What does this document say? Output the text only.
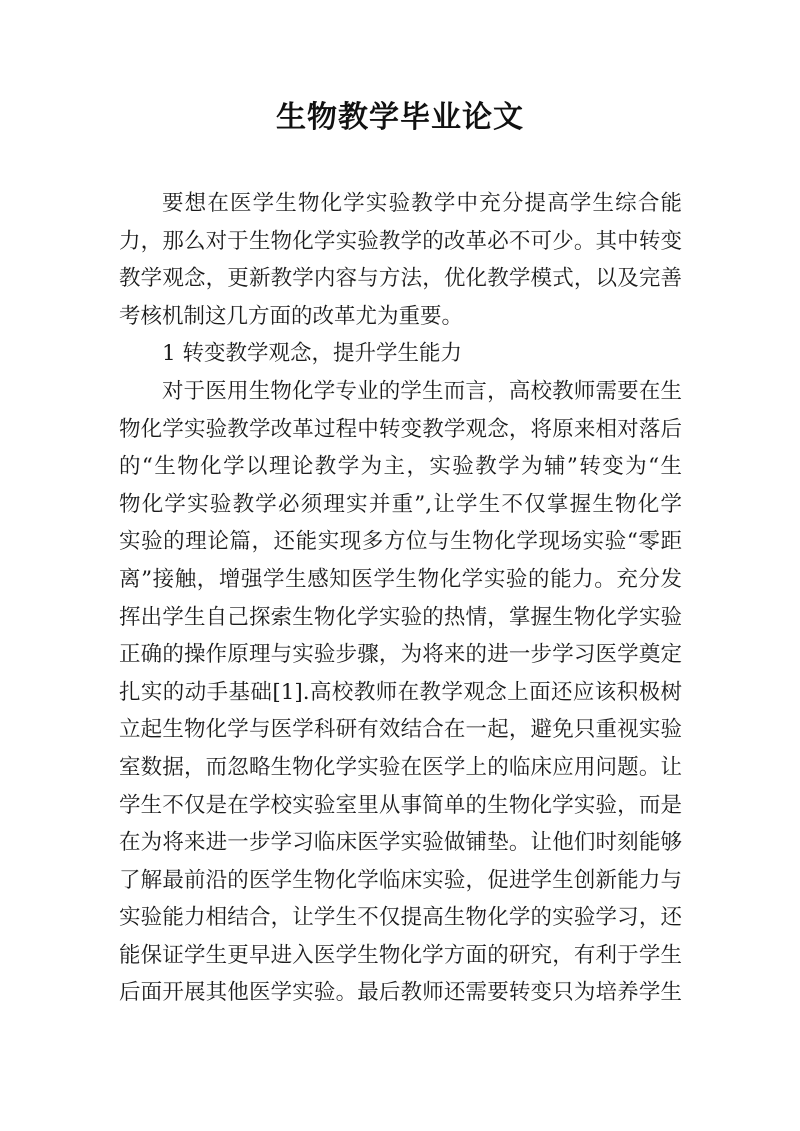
生物教学毕业论文
要想在医学生物化学实验教学中充分提高学生综合能
力，那么对于生物化学实验教学的改革必不可少。其中转变
教学观念，更新教学内容与方法，优化教学模式，以及完善
考核机制这几方面的改革尤为重要。
1 转变教学观念，提升学生能力
对于医用生物化学专业的学生而言，高校教师需要在生
物化学实验教学改革过程中转变教学观念，将原来相对落后
的“生物化学以理论教学为主，实验教学为辅”转变为“生
物化学实验教学必须理实并重”,让学生不仅掌握生物化学
实验的理论篇，还能实现多方位与生物化学现场实验“零距
离”接触，增强学生感知医学生物化学实验的能力。充分发
挥出学生自己探索生物化学实验的热情，掌握生物化学实验
正确的操作原理与实验步骤，为将来的进一步学习医学奠定
扎实的动手基础[1].高校教师在教学观念上面还应该积极树
立起生物化学与医学科研有效结合在一起，避免只重视实验
室数据，而忽略生物化学实验在医学上的临床应用问题。让
学生不仅是在学校实验室里从事简单的生物化学实验，而是
在为将来进一步学习临床医学实验做铺垫。让他们时刻能够
了解最前沿的医学生物化学临床实验，促进学生创新能力与
实验能力相结合，让学生不仅提高生物化学的实验学习，还
能保证学生更早进入医学生物化学方面的研究，有利于学生
后面开展其他医学实验。最后教师还需要转变只为培养学生
